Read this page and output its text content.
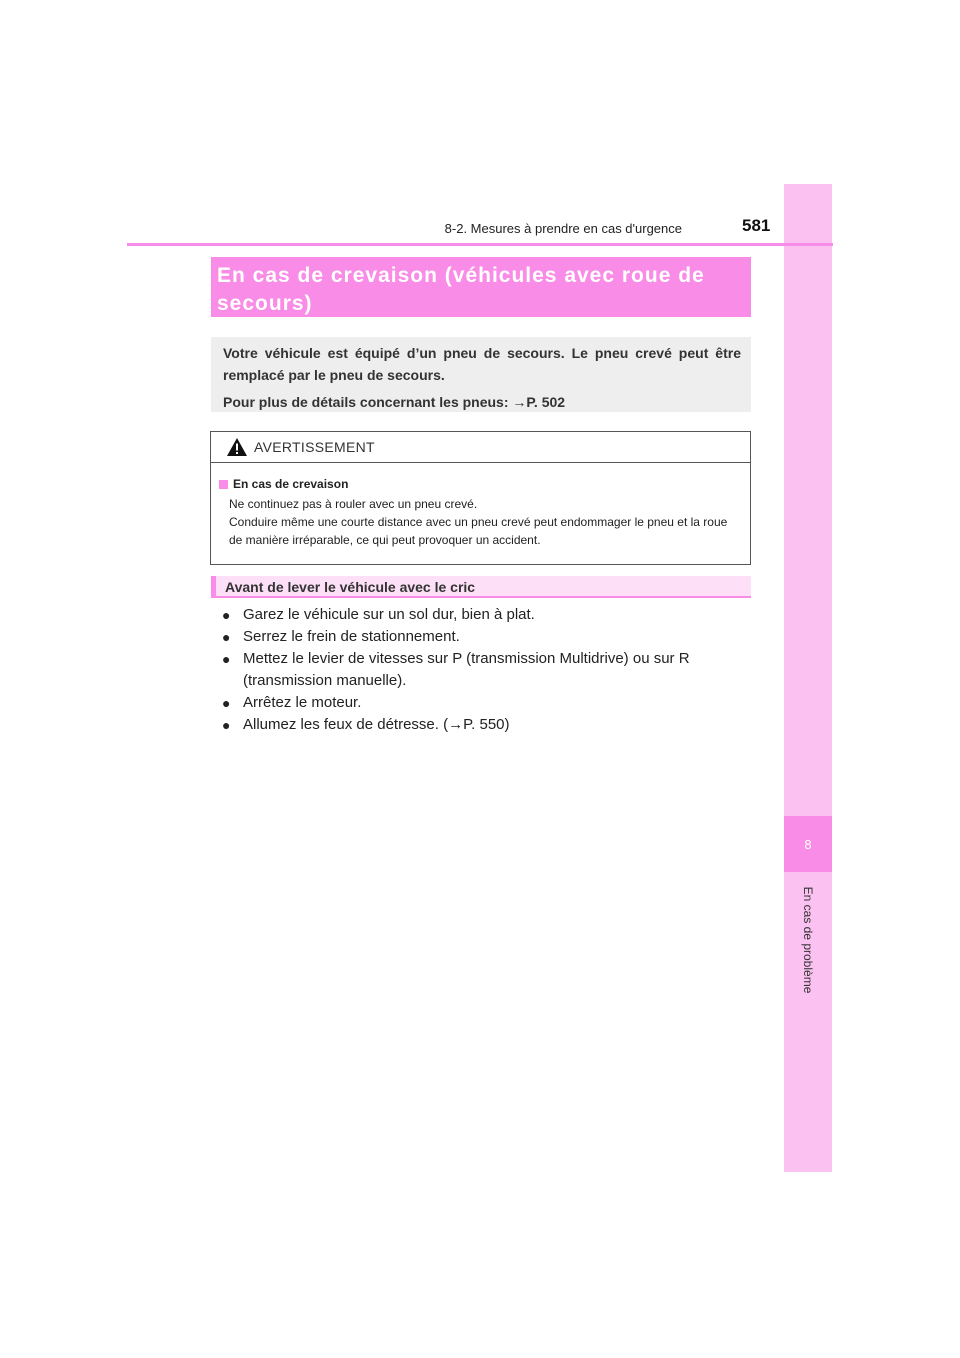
8
En cas de problème
8-2. Mesures à prendre en cas d'urgence	581
En cas de crevaison (véhicules avec roue de secours)

Votre véhicule est équipé d’un pneu de secours. Le pneu crevé peut être remplacé par le pneu de secours.

Pour plus de détails concernant les pneus: →P. 502

AVERTISSEMENT
En cas de crevaison

Ne continuez pas à rouler avec un pneu crevé.

Conduire même une courte distance avec un pneu crevé peut endommager le pneu et la roue de manière irréparable, ce qui peut provoquer un accident.

Avant de lever le véhicule avec le cric
● Garez le véhicule sur un sol dur, bien à plat.
● Serrez le frein de stationnement.
● Mettez le levier de vitesses sur P (transmission Multidrive) ou sur R (transmission manuelle).
● Arrêtez le moteur.
● Allumez les feux de détresse. (→P. 550)
